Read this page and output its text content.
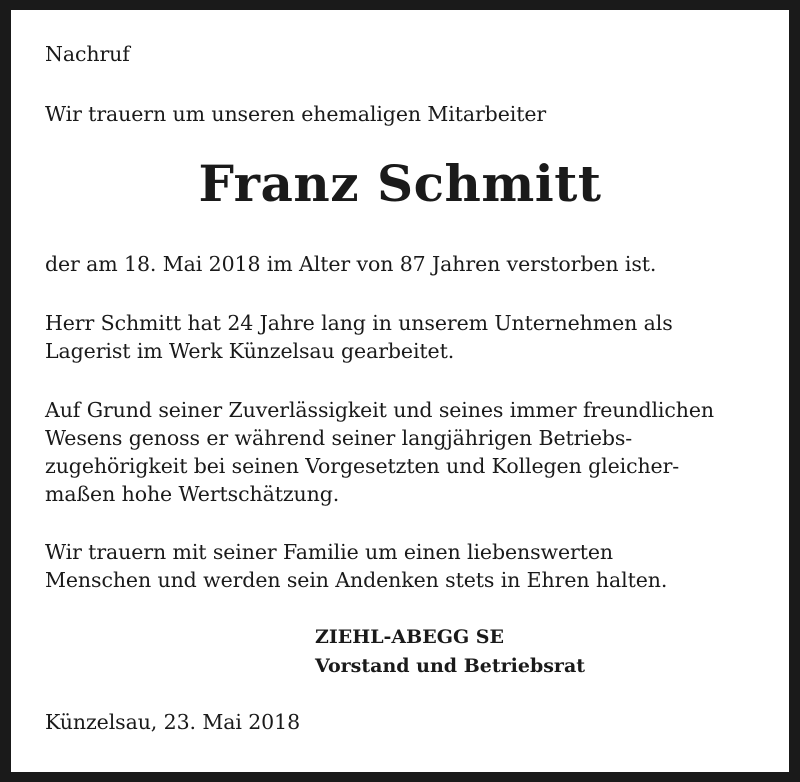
Nachruf

Wir trauern um unseren ehemaligen Mitarbeiter

Franz Schmitt

der am 18. Mai 2018 im Alter von 87 Jahren verstorben ist.

Herr Schmitt hat 24 Jahre lang in unserem Unternehmen als

Lagerist im Werk Künzelsau gearbeitet.

Auf Grund seiner Zuverlässigkeit und seines immer freundlichen

Wesens genoss er während seiner langjährigen Betriebs-

zugehörigkeit bei seinen Vorgesetzten und Kollegen gleicher-

maßen hohe Wertschätzung.

Wir trauern mit seiner Familie um einen liebenswerten

Menschen und werden sein Andenken stets in Ehren halten.

ZIEHL-ABEGG SE

Vorstand und Betriebsrat

Künzelsau, 23. Mai 2018
